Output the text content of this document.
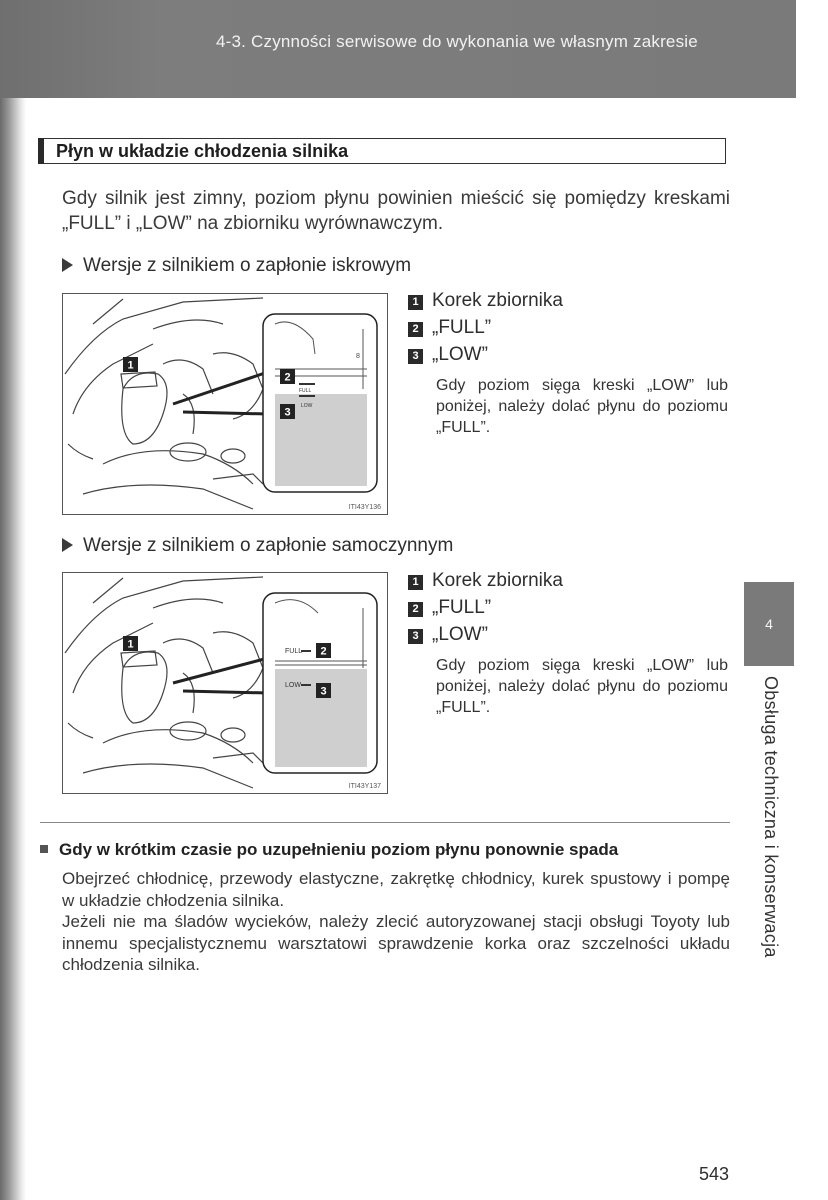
4-3. Czynności serwisowe do wykonania we własnym zakresie
Płyn w układzie chłodzenia silnika
Gdy silnik jest zimny, poziom płynu powinien mieścić się pomiędzy kreskami „FULL” i „LOW” na zbiorniku wyrównawczym.
Wersje z silnikiem o zapłonie iskrowym
8
FULL
LOW
1
2
3
ITI43Y136
1 Korek zbiornika
2 „FULL”
3 „LOW”
Gdy poziom sięga kreski „LOW” lub poniżej, należy dolać płynu do poziomu „FULL”.
Wersje z silnikiem o zapłonie samoczynnym
FULL
LOW
1
2
3
ITI43Y137
1 Korek zbiornika
2 „FULL”
3 „LOW”
Gdy poziom sięga kreski „LOW” lub poniżej, należy dolać płynu do poziomu „FULL”.
Gdy w krótkim czasie po uzupełnieniu poziom płynu ponownie spada

Obejrzeć chłodnicę, przewody elastyczne, zakrętkę chłodnicy, kurek spustowy i pompę w układzie chłodzenia silnika.

Jeżeli nie ma śladów wycieków, należy zlecić autoryzowanej stacji obsługi Toyoty lub innemu specjalistycznemu warsztatowi sprawdzenie korka oraz szczelności układu chłodzenia silnika.

4
Obsługa techniczna i konserwacja
543
